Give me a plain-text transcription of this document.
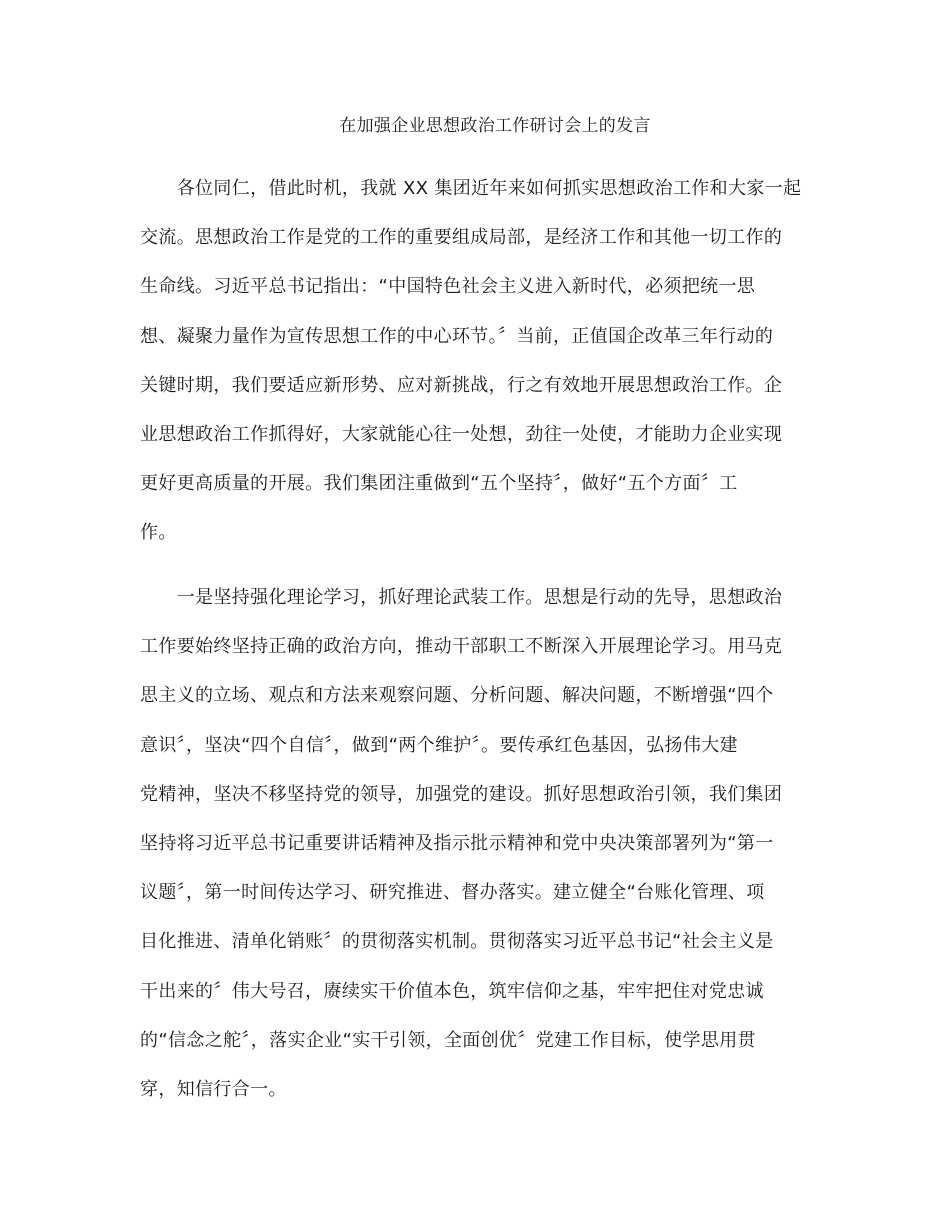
在加强企业思想政治工作研讨会上的发言
　　各位同仁，借此时机，我就 XX 集团近年来如何抓实思想政治工作和大家一起
交流。思想政治工作是党的工作的重要组成局部，是经济工作和其他一切工作的
生命线。习近平总书记指出：“中国特色社会主义进入新时代，必须把统一思
想、凝聚力量作为宣传思想工作的中心环节。〞当前，正值国企改革三年行动的
关键时期，我们要适应新形势、应对新挑战，行之有效地开展思想政治工作。企
业思想政治工作抓得好，大家就能心往一处想，劲往一处使，才能助力企业实现
更好更高质量的开展。我们集团注重做到“五个坚持〞，做好“五个方面〞工
作。
　　一是坚持强化理论学习，抓好理论武装工作。思想是行动的先导，思想政治
工作要始终坚持正确的政治方向，推动干部职工不断深入开展理论学习。用马克
思主义的立场、观点和方法来观察问题、分析问题、解决问题，不断增强“四个
意识〞，坚决“四个自信〞，做到“两个维护〞。要传承红色基因，弘扬伟大建
党精神，坚决不移坚持党的领导，加强党的建设。抓好思想政治引领，我们集团
坚持将习近平总书记重要讲话精神及指示批示精神和党中央决策部署列为“第一
议题〞，第一时间传达学习、研究推进、督办落实。建立健全“台账化管理、项
目化推进、清单化销账〞的贯彻落实机制。贯彻落实习近平总书记“社会主义是
干出来的〞伟大号召，赓续实干价值本色，筑牢信仰之基，牢牢把住对党忠诚
的“信念之舵〞，落实企业“实干引领，全面创优〞党建工作目标，使学思用贯
穿，知信行合一。
